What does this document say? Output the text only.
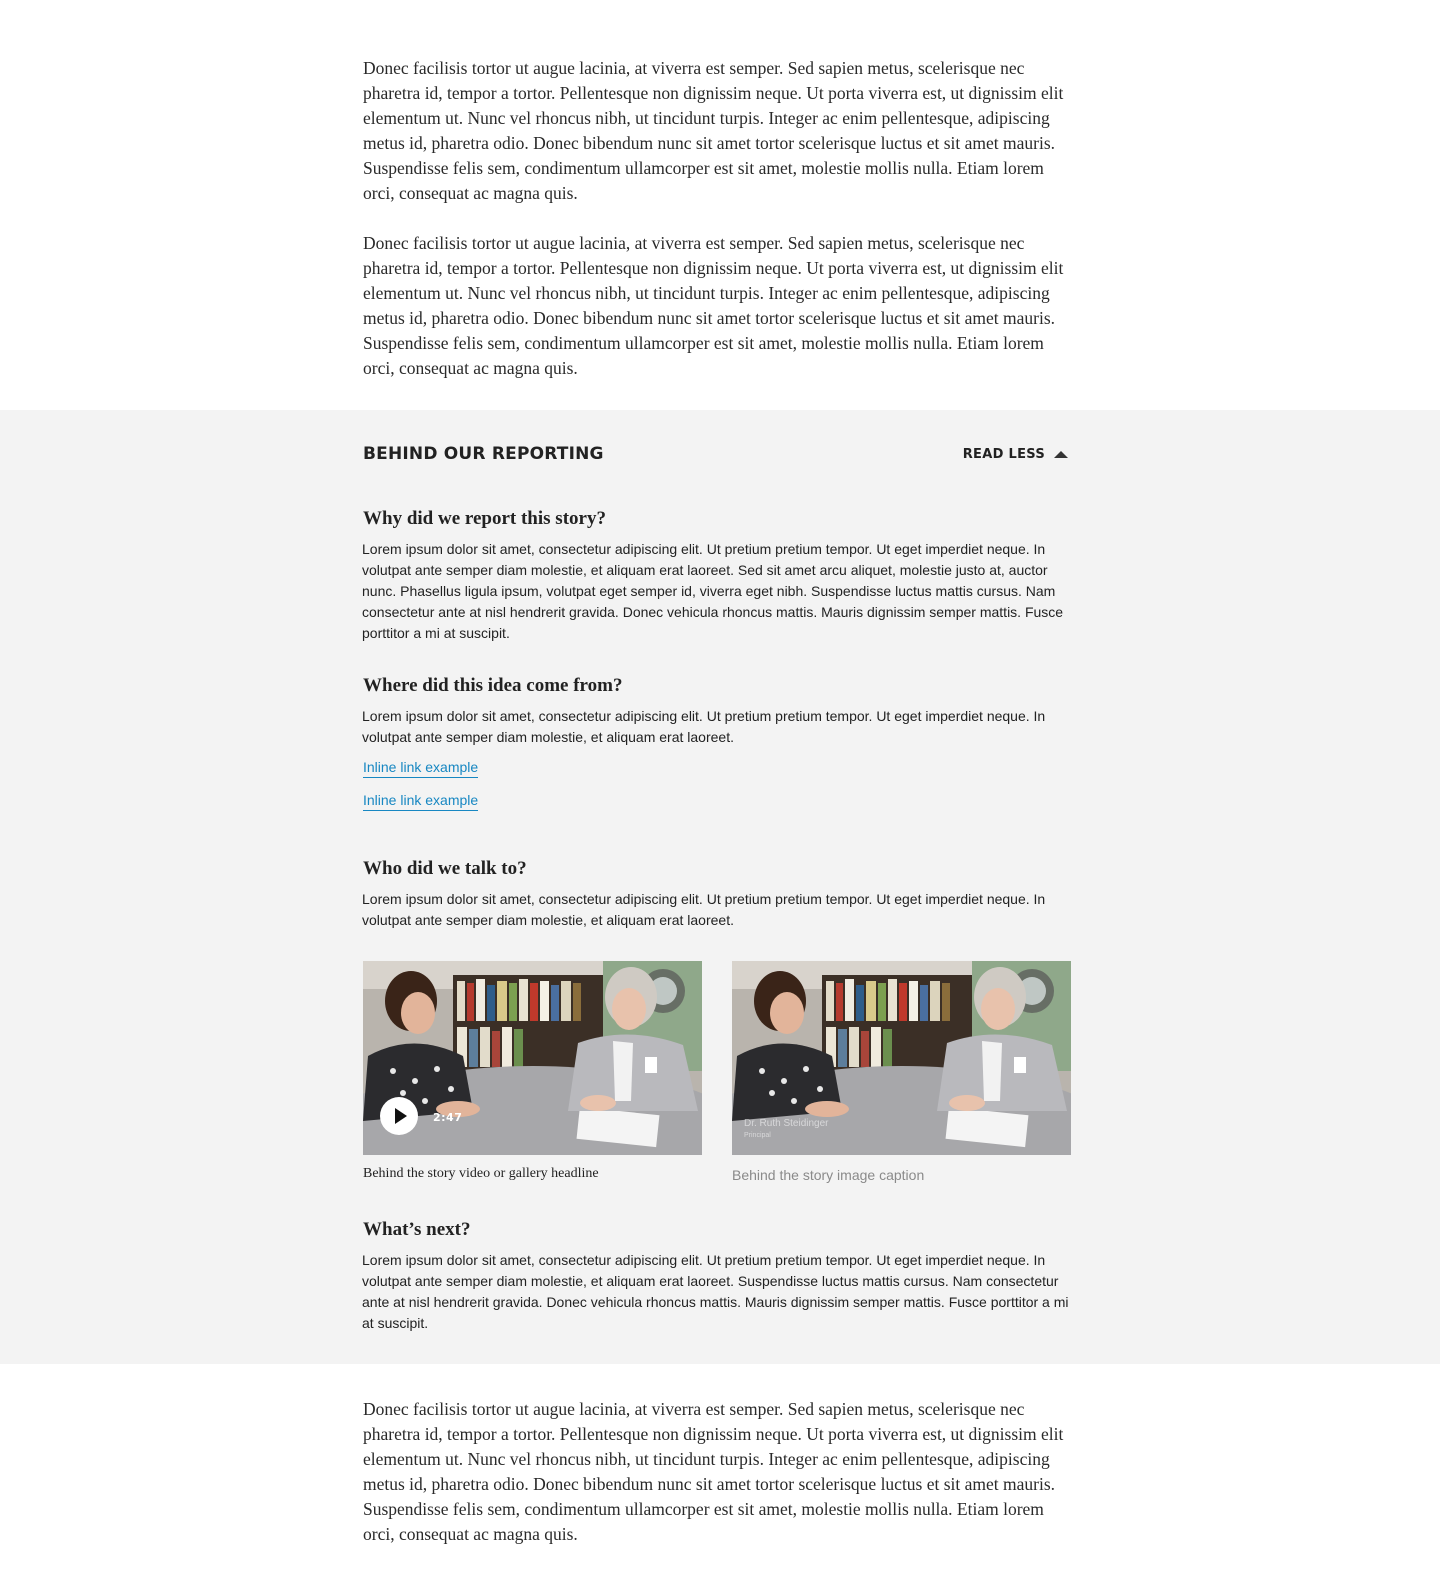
Donec facilisis tortor ut augue lacinia, at viverra est semper. Sed sapien metus, scelerisque nec pharetra id, tempor a tortor. Pellentesque non dignissim neque. Ut porta viverra est, ut dignissim elit elementum ut. Nunc vel rhoncus nibh, ut tincidunt turpis. Integer ac enim pellentesque, adipiscing metus id, pharetra odio. Donec bibendum nunc sit amet tortor scelerisque luctus et sit amet mauris. Suspendisse felis sem, condimentum ullamcorper est sit amet, molestie mollis nulla. Etiam lorem orci, consequat ac magna quis.

Donec facilisis tortor ut augue lacinia, at viverra est semper. Sed sapien metus, scelerisque nec pharetra id, tempor a tortor. Pellentesque non dignissim neque. Ut porta viverra est, ut dignissim elit elementum ut. Nunc vel rhoncus nibh, ut tincidunt turpis. Integer ac enim pellentesque, adipiscing metus id, pharetra odio. Donec bibendum nunc sit amet tortor scelerisque luctus et sit amet mauris. Suspendisse felis sem, condimentum ullamcorper est sit amet, molestie mollis nulla. Etiam lorem orci, consequat ac magna quis.

BEHIND OUR REPORTING	READ LESS
Why did we report this story?

Lorem ipsum dolor sit amet, consectetur adipiscing elit. Ut pretium pretium tempor. Ut eget imperdiet neque. In volutpat ante semper diam molestie, et aliquam erat laoreet. Sed sit amet arcu aliquet, molestie justo at, auctor nunc. Phasellus ligula ipsum, volutpat eget semper id, viverra eget nibh. Suspendisse luctus mattis cursus. Nam consectetur ante at nisl hendrerit gravida. Donec vehicula rhoncus mattis. Mauris dignissim semper mattis. Fusce porttitor a mi at suscipit.

Where did this idea come from?

Lorem ipsum dolor sit amet, consectetur adipiscing elit. Ut pretium pretium tempor. Ut eget imperdiet neque. In volutpat ante semper diam molestie, et aliquam erat laoreet.

Inline link example
Inline link example
Who did we talk to?

Lorem ipsum dolor sit amet, consectetur adipiscing elit. Ut pretium pretium tempor. Ut eget imperdiet neque. In volutpat ante semper diam molestie, et aliquam erat laoreet.

2:47
Behind the story video or gallery headline
Dr. Ruth Steidinger
Principal
Behind the story image caption
What’s next?

Lorem ipsum dolor sit amet, consectetur adipiscing elit. Ut pretium pretium tempor. Ut eget imperdiet neque. In volutpat ante semper diam molestie, et aliquam erat laoreet. Suspendisse luctus mattis cursus. Nam consectetur ante at nisl hendrerit gravida. Donec vehicula rhoncus mattis. Mauris dignissim semper mattis. Fusce porttitor a mi at suscipit.

Donec facilisis tortor ut augue lacinia, at viverra est semper. Sed sapien metus, scelerisque nec pharetra id, tempor a tortor. Pellentesque non dignissim neque. Ut porta viverra est, ut dignissim elit elementum ut. Nunc vel rhoncus nibh, ut tincidunt turpis. Integer ac enim pellentesque, adipiscing metus id, pharetra odio. Donec bibendum nunc sit amet tortor scelerisque luctus et sit amet mauris. Suspendisse felis sem, condimentum ullamcorper est sit amet, molestie mollis nulla. Etiam lorem orci, consequat ac magna quis.
